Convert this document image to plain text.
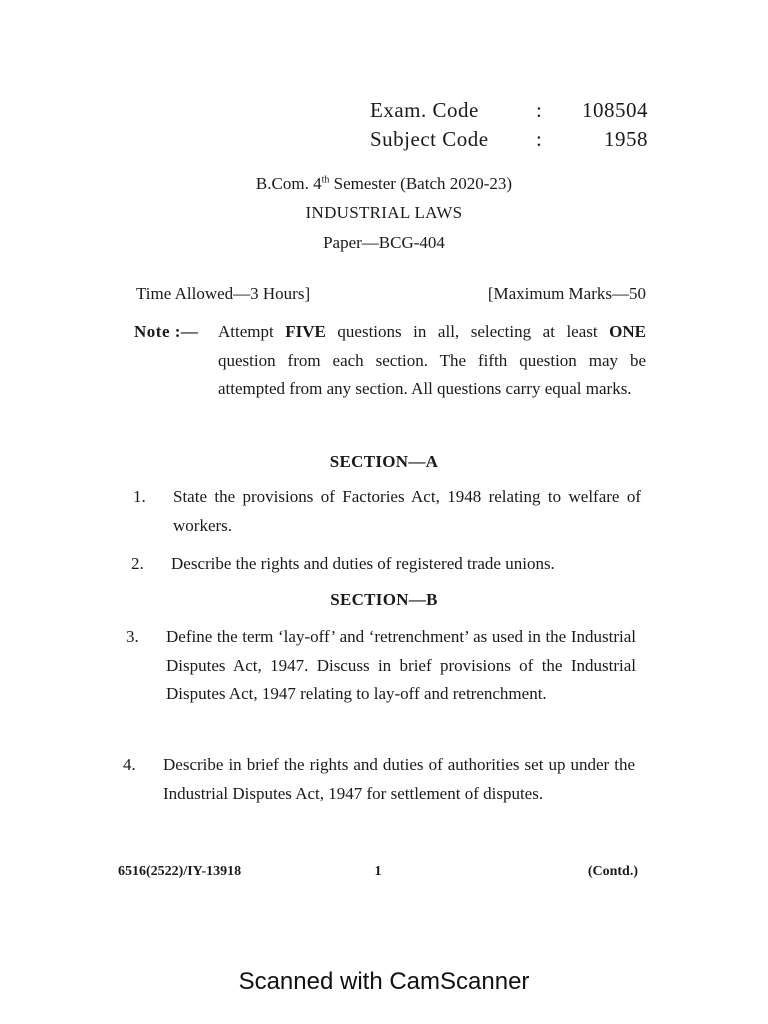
Exam. Code	:	108504
Subject Code	:	1958
B.Com. 4th Semester (Batch 2020-23)
INDUSTRIAL LAWS
Paper—BCG-404
Time Allowed—3 Hours]	[Maximum Marks—50
Note :— Attempt FIVE questions in all, selecting at least ONE question from each section. The fifth question may be attempted from any section. All questions carry equal marks.
SECTION—A
1.	State the provisions of Factories Act, 1948 relating to welfare of workers.
2.	Describe the rights and duties of registered trade unions.
SECTION—B
3.	Define the term ‘lay-off’ and ‘retrenchment’ as used in the Industrial Disputes Act, 1947. Discuss in brief provisions of the Industrial Disputes Act, 1947 relating to lay-off and retrenchment.
4.	Describe in brief the rights and duties of authorities set up under the Industrial Disputes Act, 1947 for settlement of disputes.
6516(2522)/IY-13918	1	(Contd.)
Scanned with CamScanner
